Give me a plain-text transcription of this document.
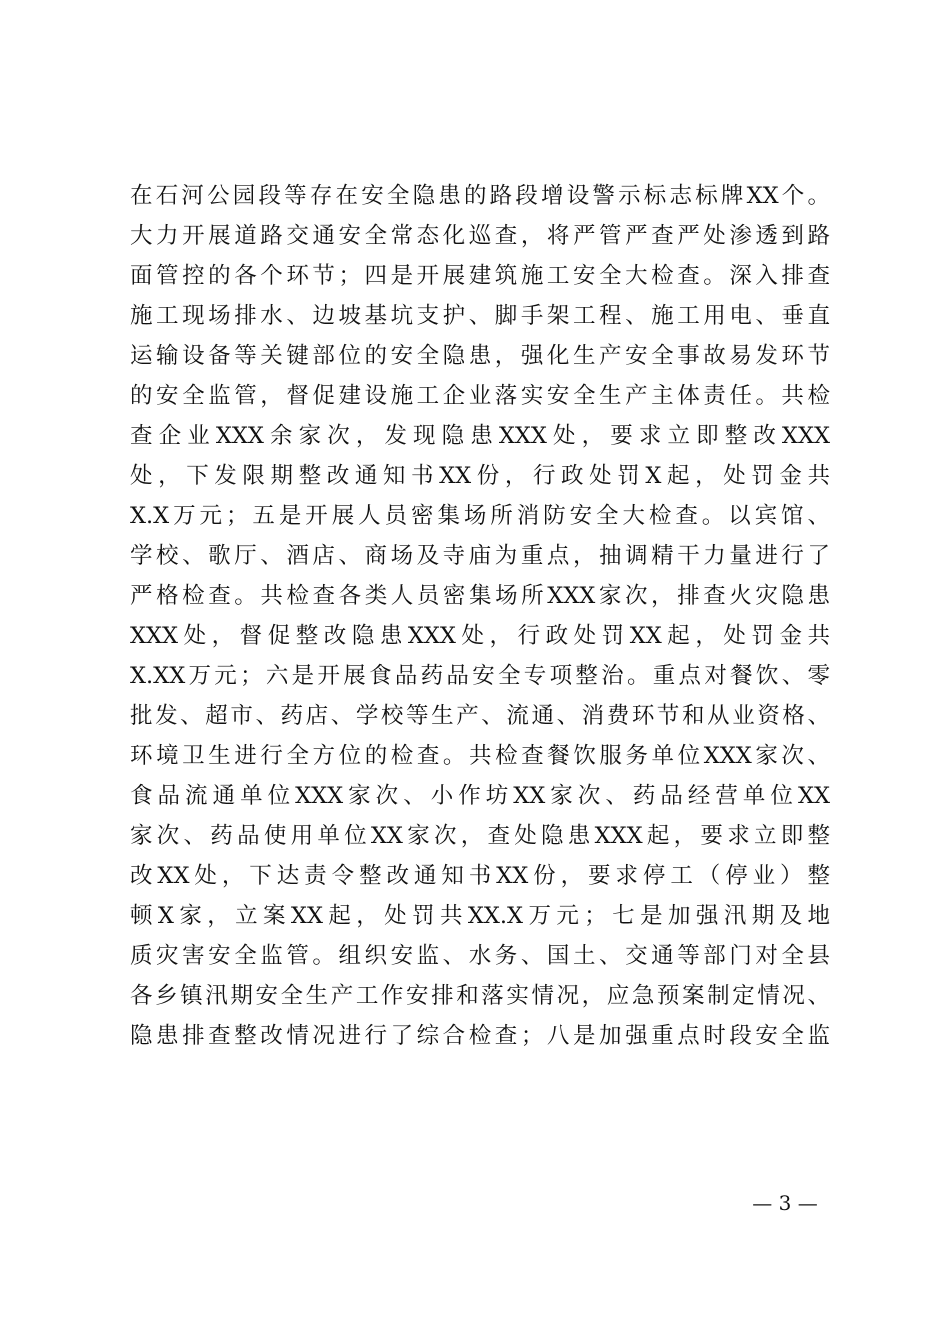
在石河公园段等存在安全隐患的路段增设警示标志标牌XX个。
大力开展道路交通安全常态化巡查，将严管严查严处渗透到路
面管控的各个环节；四是开展建筑施工安全大检查。深入排查
施工现场排水、边坡基坑支护、脚手架工程、施工用电、垂直
运输设备等关键部位的安全隐患，强化生产安全事故易发环节
的安全监管，督促建设施工企业落实安全生产主体责任。共检
查企业XXX余家次，发现隐患XXX处，要求立即整改XXX
处，下发限期整改通知书XX份，行政处罚X起，处罚金共
X.X万元；五是开展人员密集场所消防安全大检查。以宾馆、
学校、歌厅、酒店、商场及寺庙为重点，抽调精干力量进行了
严格检查。共检查各类人员密集场所XXX家次，排查火灾隐患
XXX处，督促整改隐患XXX处，行政处罚XX起，处罚金共
X.XX万元；六是开展食品药品安全专项整治。重点对餐饮、零
批发、超市、药店、学校等生产、流通、消费环节和从业资格、
环境卫生进行全方位的检查。共检查餐饮服务单位XXX家次、
食品流通单位XXX家次、小作坊XX家次、药品经营单位XX
家次、药品使用单位XX家次，查处隐患XXX起，要求立即整
改XX处，下达责令整改通知书XX份，要求停工（停业）整
顿X家，立案XX起，处罚共XX.X万元；七是加强汛期及地
质灾害安全监管。组织安监、水务、国土、交通等部门对全县
各乡镇汛期安全生产工作安排和落实情况，应急预案制定情况、
隐患排查整改情况进行了综合检查；八是加强重点时段安全监
— 3 —
